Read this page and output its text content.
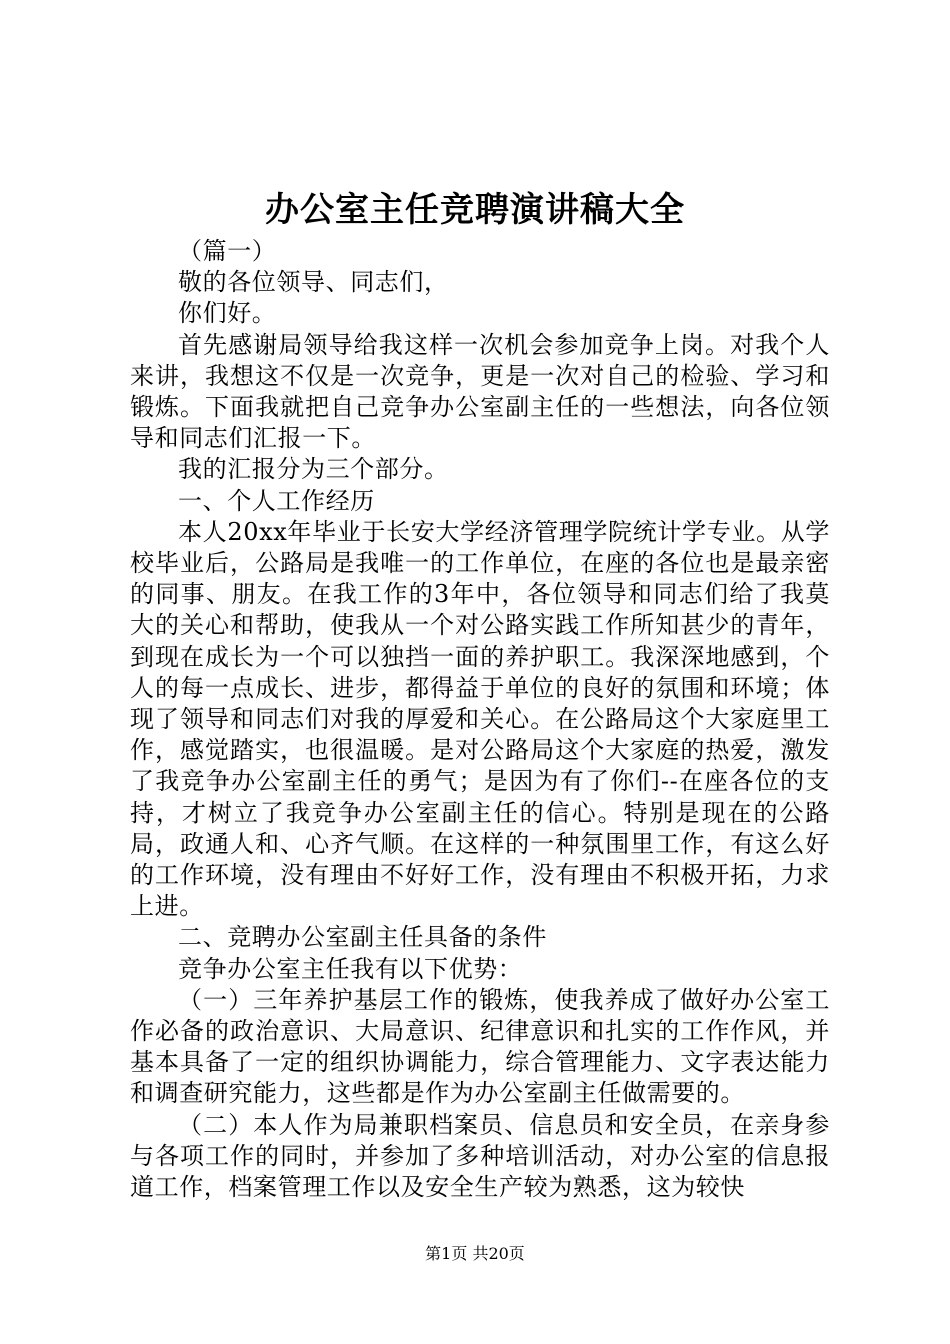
办公室主任竞聘演讲稿大全

（篇一）

敬的各位领导、同志们，

你们好。

首先感谢局领导给我这样一次机会参加竞争上岗。对我个人来讲，我想这不仅是一次竞争，更是一次对自己的检验、学习和锻炼。下面我就把自己竞争办公室副主任的一些想法，向各位领导和同志们汇报一下。

我的汇报分为三个部分。

一、个人工作经历

本人20xx年毕业于长安大学经济管理学院统计学专业。从学校毕业后，公路局是我唯一的工作单位，在座的各位也是最亲密的同事、朋友。在我工作的3年中，各位领导和同志们给了我莫大的关心和帮助，使我从一个对公路实践工作所知甚少的青年，到现在成长为一个可以独挡一面的养护职工。我深深地感到，个人的每一点成长、进步，都得益于单位的良好的氛围和环境；体现了领导和同志们对我的厚爱和关心。在公路局这个大家庭里工作，感觉踏实，也很温暖。是对公路局这个大家庭的热爱，激发了我竞争办公室副主任的勇气；是因为有了你们--在座各位的支持，才树立了我竞争办公室副主任的信心。特别是现在的公路局，政通人和、心齐气顺。在这样的一种氛围里工作，有这么好的工作环境，没有理由不好好工作，没有理由不积极开拓，力求上进。

二、竞聘办公室副主任具备的条件

竞争办公室主任我有以下优势：

（一）三年养护基层工作的锻炼，使我养成了做好办公室工作必备的政治意识、大局意识、纪律意识和扎实的工作作风，并基本具备了一定的组织协调能力，综合管理能力、文字表达能力和调查研究能力，这些都是作为办公室副主任做需要的。

（二）本人作为局兼职档案员、信息员和安全员，在亲身参与各项工作的同时，并参加了多种培训活动，对办公室的信息报道工作，档案管理工作以及安全生产较为熟悉，这为较快

第1页 共20页
